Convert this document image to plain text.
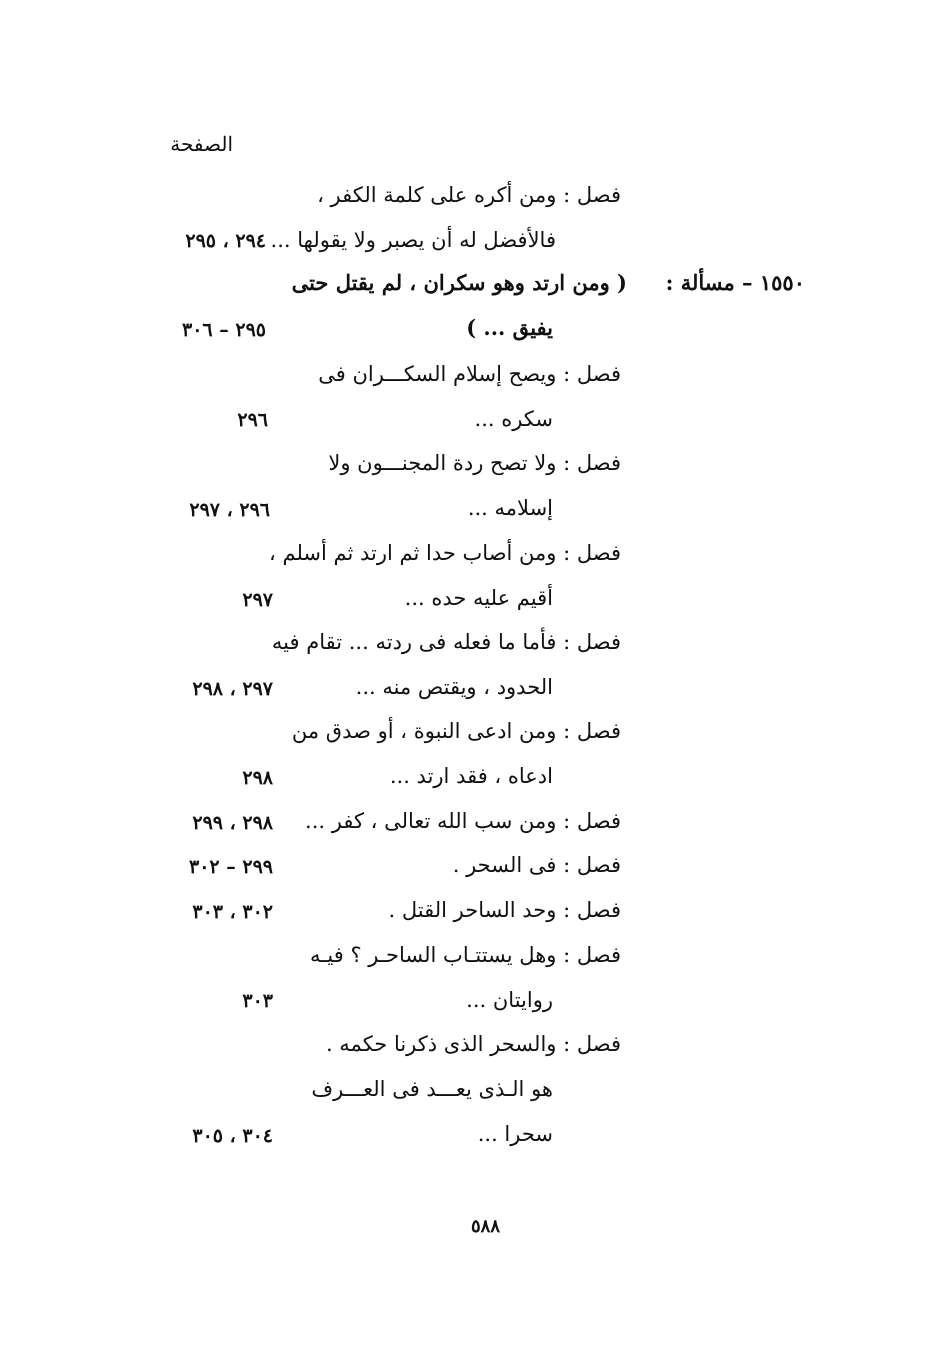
الصفحة
فصل : ومن أكره على كلمة الكفر ،
فالأفضل له أن يصبر ولا يقولها ...
٢٩٤ ، ٢٩٥
١٥٥٠ – مسألة :
( ومن ارتد وهو سكران ، لم يقتل حتى
يفيق ... )
٢٩٥ – ٣٠٦
فصل : ويصح إسلام السكـــران فى
سكره ...
٢٩٦
فصل : ولا تصح ردة المجنـــون ولا
إسلامه ...
٢٩٦ ، ٢٩٧
فصل : ومن أصاب حدا ثم ارتد ثم أسلم ،
أقيم عليه حده ...
٢٩٧
فصل : فأما ما فعله فى ردته ... تقام فيه
الحدود ، ويقتص منه ...
٢٩٧ ، ٢٩٨
فصل : ومن ادعى النبوة ، أو صدق من
ادعاه ، فقد ارتد ...
٢٩٨
فصل : ومن سب الله تعالى ، كفر ...
٢٩٨ ، ٢٩٩
فصل : فى السحر .
٢٩٩ – ٣٠٢
فصل : وحد الساحر القتل .
٣٠٢ ، ٣٠٣
فصل : وهل يستتـاب الساحـر ؟ فيـه
روايتان ...
٣٠٣
فصل : والسحر الذى ذكرنا حكمه .
هو الـذى يعـــد فى العـــرف
سحرا ...
٣٠٤ ، ٣٠٥
٥٨٨
